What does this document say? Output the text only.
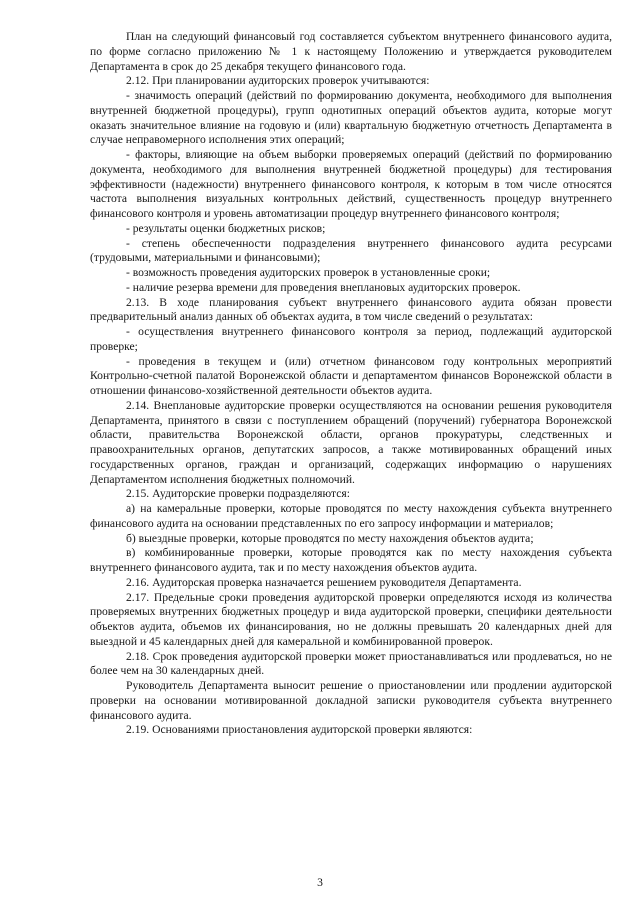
План на следующий финансовый год составляется субъектом внутреннего финансового аудита, по форме согласно приложению № 1 к настоящему Положению и утверждается руководителем Департамента в срок до 25 декабря текущего финансового года.

2.12. При планировании аудиторских проверок учитываются:

- значимость операций (действий по формированию документа, необходимого для выполнения внутренней бюджетной процедуры), групп однотипных операций объектов аудита, которые могут оказать значительное влияние на годовую и (или) квартальную бюджетную отчетность Департамента в случае неправомерного исполнения этих операций;

- факторы, влияющие на объем выборки проверяемых операций (действий по формированию документа, необходимого для выполнения внутренней бюджетной процедуры) для тестирования эффективности (надежности) внутреннего финансового контроля, к которым в том числе относятся частота выполнения визуальных контрольных действий, существенность процедур внутреннего финансового контроля и уровень автоматизации процедур внутреннего финансового контроля;

- результаты оценки бюджетных рисков;

- степень обеспеченности подразделения внутреннего финансового аудита ресурсами (трудовыми, материальными и финансовыми);

- возможность проведения аудиторских проверок в установленные сроки;

- наличие резерва времени для проведения внеплановых аудиторских проверок.

2.13. В ходе планирования субъект внутреннего финансового аудита обязан провести предварительный анализ данных об объектах аудита, в том числе сведений о результатах:

- осуществления внутреннего финансового контроля за период, подлежащий аудиторской проверке;

- проведения в текущем и (или) отчетном финансовом году контрольных мероприятий Контрольно-счетной палатой Воронежской области и департаментом финансов Воронежской области в отношении финансово-хозяйственной деятельности объектов аудита.

2.14. Внеплановые аудиторские проверки осуществляются на основании решения руководителя Департамента, принятого в связи с поступлением обращений (поручений) губернатора Воронежской области, правительства Воронежской области, органов прокуратуры, следственных и правоохранительных органов, депутатских запросов, а также мотивированных обращений иных государственных органов, граждан и организаций, содержащих информацию о нарушениях Департаментом исполнения бюджетных полномочий.

2.15. Аудиторские проверки подразделяются:

а) на камеральные проверки, которые проводятся по месту нахождения субъекта внутреннего финансового аудита на основании представленных по его запросу информации и материалов;

б) выездные проверки, которые проводятся по месту нахождения объектов аудита;

в) комбинированные проверки, которые проводятся как по месту нахождения субъекта внутреннего финансового аудита, так и по месту нахождения объектов аудита.

2.16. Аудиторская проверка назначается решением руководителя Департамента.

2.17. Предельные сроки проведения аудиторской проверки определяются исходя из количества проверяемых внутренних бюджетных процедур и вида аудиторской проверки, специфики деятельности объектов аудита, объемов их финансирования, но не должны превышать 20 календарных дней для выездной и 45 календарных дней для камеральной и комбинированной проверок.

2.18. Срок проведения аудиторской проверки может приостанавливаться или продлеваться, но не более чем на 30 календарных дней.

Руководитель Департамента выносит решение о приостановлении или продлении аудиторской проверки на основании мотивированной докладной записки руководителя субъекта внутреннего финансового аудита.

2.19. Основаниями приостановления аудиторской проверки являются:

3
